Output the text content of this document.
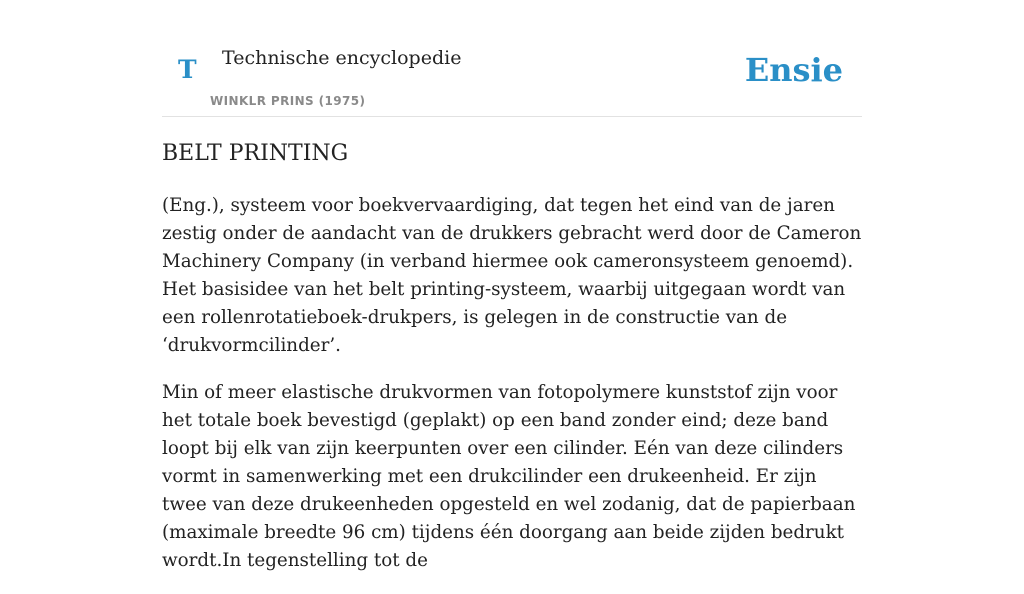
T Technische encyclopedie
WINKLR PRINS (1975)
Ensie
BELT PRINTING

(Eng.), systeem voor boekvervaardiging, dat tegen het eind van de jaren zestig onder de aandacht van de drukkers gebracht werd door de Cameron Machinery Company (in verband hiermee ook cameronsysteem genoemd). Het basisidee van het belt printing-systeem, waarbij uitgegaan wordt van een rollenrotatieboek-drukpers, is gelegen in de constructie van de ‘drukvormcilinder’.

Min of meer elastische drukvormen van fotopolymere kunststof zijn voor het totale boek bevestigd (geplakt) op een band zonder eind; deze band loopt bij elk van zijn keerpunten over een cilinder. Eén van deze cilinders vormt in samenwerking met een drukcilinder een drukeenheid. Er zijn twee van deze drukeenheden opgesteld en wel zodanig, dat de papierbaan (maximale breedte 96 cm) tijdens één doorgang aan beide zijden bedrukt wordt.In tegenstelling tot de
